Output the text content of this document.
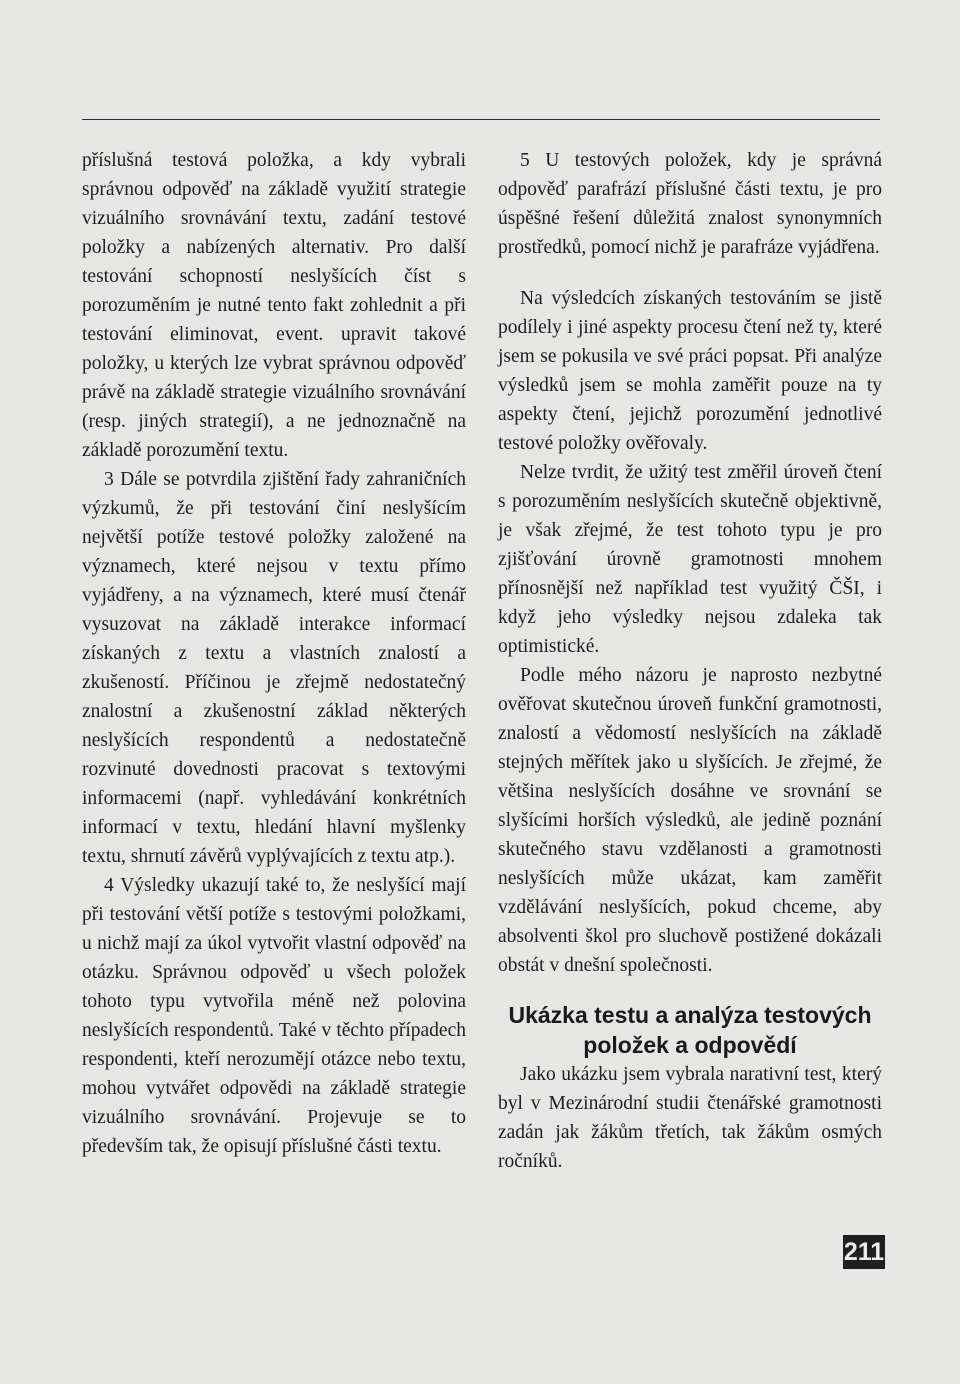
příslušná testová položka, a kdy vybrali správnou odpověď na základě využití strategie vizuálního srovnávání textu, zadání testové položky a nabízených alternativ. Pro další testování schopností neslyšících číst s porozuměním je nutné tento fakt zohlednit a při testování eliminovat, event. upravit takové položky, u kterých lze vybrat správnou odpověď právě na základě strategie vizuálního srovnávání (resp. jiných strategií), a ne jednoznačně na základě porozumění textu.

3 Dále se potvrdila zjištění řady zahraničních výzkumů, že při testování činí neslyšícím největší potíže testové položky založené na významech, které nejsou v textu přímo vyjádřeny, a na významech, které musí čtenář vysuzovat na základě interakce informací získaných z textu a vlastních znalostí a zkušeností. Příčinou je zřejmě nedostatečný znalostní a zkušenostní základ některých neslyšících respondentů a nedostatečně rozvinuté dovednosti pracovat s textovými informacemi (např. vyhledávání konkrétních informací v textu, hledání hlavní myšlenky textu, shrnutí závěrů vyplývajících z textu atp.).

4 Výsledky ukazují také to, že neslyšící mají při testování větší potíže s testovými položkami, u nichž mají za úkol vytvořit vlastní odpověď na otázku. Správnou odpověď u všech položek tohoto typu vytvořila méně než polovina neslyšících respondentů. Také v těchto případech respondenti, kteří nerozumějí otázce nebo textu, mohou vytvářet odpovědi na základě strategie vizuálního srovnávání. Projevuje se to především tak, že opisují příslušné části textu.

5 U testových položek, kdy je správná odpověď parafrází příslušné části textu, je pro úspěšné řešení důležitá znalost synonymních prostředků, pomocí nichž je parafráze vyjádřena.

Na výsledcích získaných testováním se jistě podílely i jiné aspekty procesu čtení než ty, které jsem se pokusila ve své práci popsat. Při analýze výsledků jsem se mohla zaměřit pouze na ty aspekty čtení, jejichž porozumění jednotlivé testové položky ověřovaly.

Nelze tvrdit, že užitý test změřil úroveň čtení s porozuměním neslyšících skutečně objektivně, je však zřejmé, že test tohoto typu je pro zjišťování úrovně gramotnosti mnohem přínosnější než například test využitý ČŠI, i když jeho výsledky nejsou zdaleka tak optimistické.

Podle mého názoru je naprosto nezbytné ověřovat skutečnou úroveň funkční gramotnosti, znalostí a vědomostí neslyšících na základě stejných měřítek jako u slyšících. Je zřejmé, že většina neslyšících dosáhne ve srovnání se slyšícími horších výsledků, ale jedině poznání skutečného stavu vzdělanosti a gramotnosti neslyšících může ukázat, kam zaměřit vzdělávání neslyšících, pokud chceme, aby absolventi škol pro sluchově postižené dokázali obstát v dnešní společnosti.

Ukázka testu a analýza testových položek a odpovědí

Jako ukázku jsem vybrala narativní test, který byl v Mezinárodní studii čtenářské gramotnosti zadán jak žákům třetích, tak žákům osmých ročníků.

211
